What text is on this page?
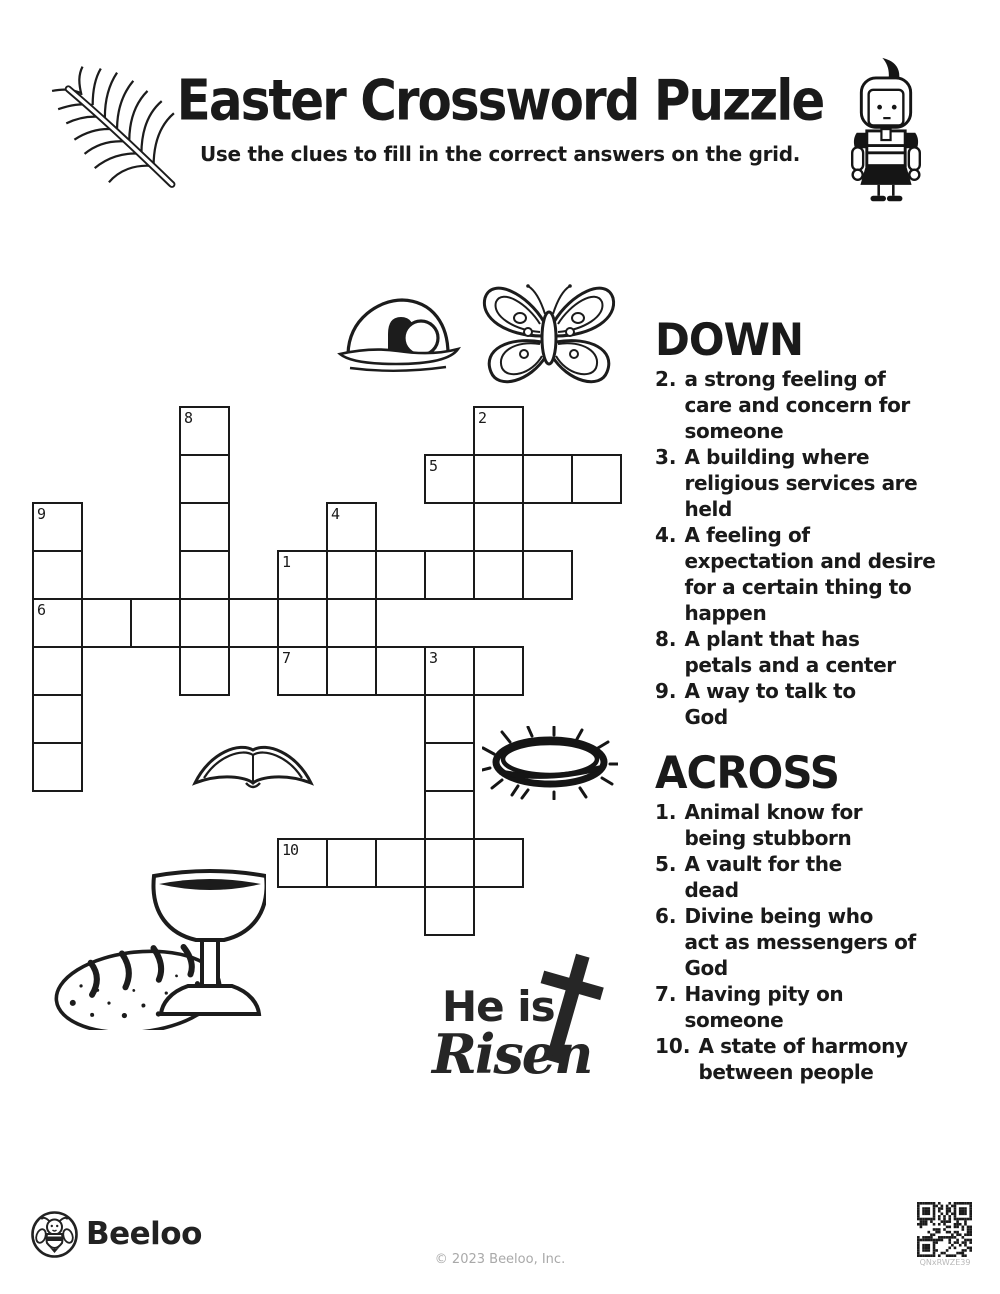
Easter Crossword Puzzle
Use the clues to fill in the correct answers on the grid.
8	2
5
9	4
1
6
7	3
10
DOWN
2. a strong feeling of
care and concern for
someone
3. A building where
religious services are
held
4. A feeling of
expectation and desire
for a certain thing to
happen
8. A plant that has
petals and a center
9. A way to talk to
God
ACROSS
1. Animal know for
being stubborn
5. A vault for the
dead
6. Divine being who
act as messengers of
God
7. Having pity on
someone
10. A state of harmony
between people
He is
Risen
Beeloo
© 2023 Beeloo, Inc.	QNxRWZE39
